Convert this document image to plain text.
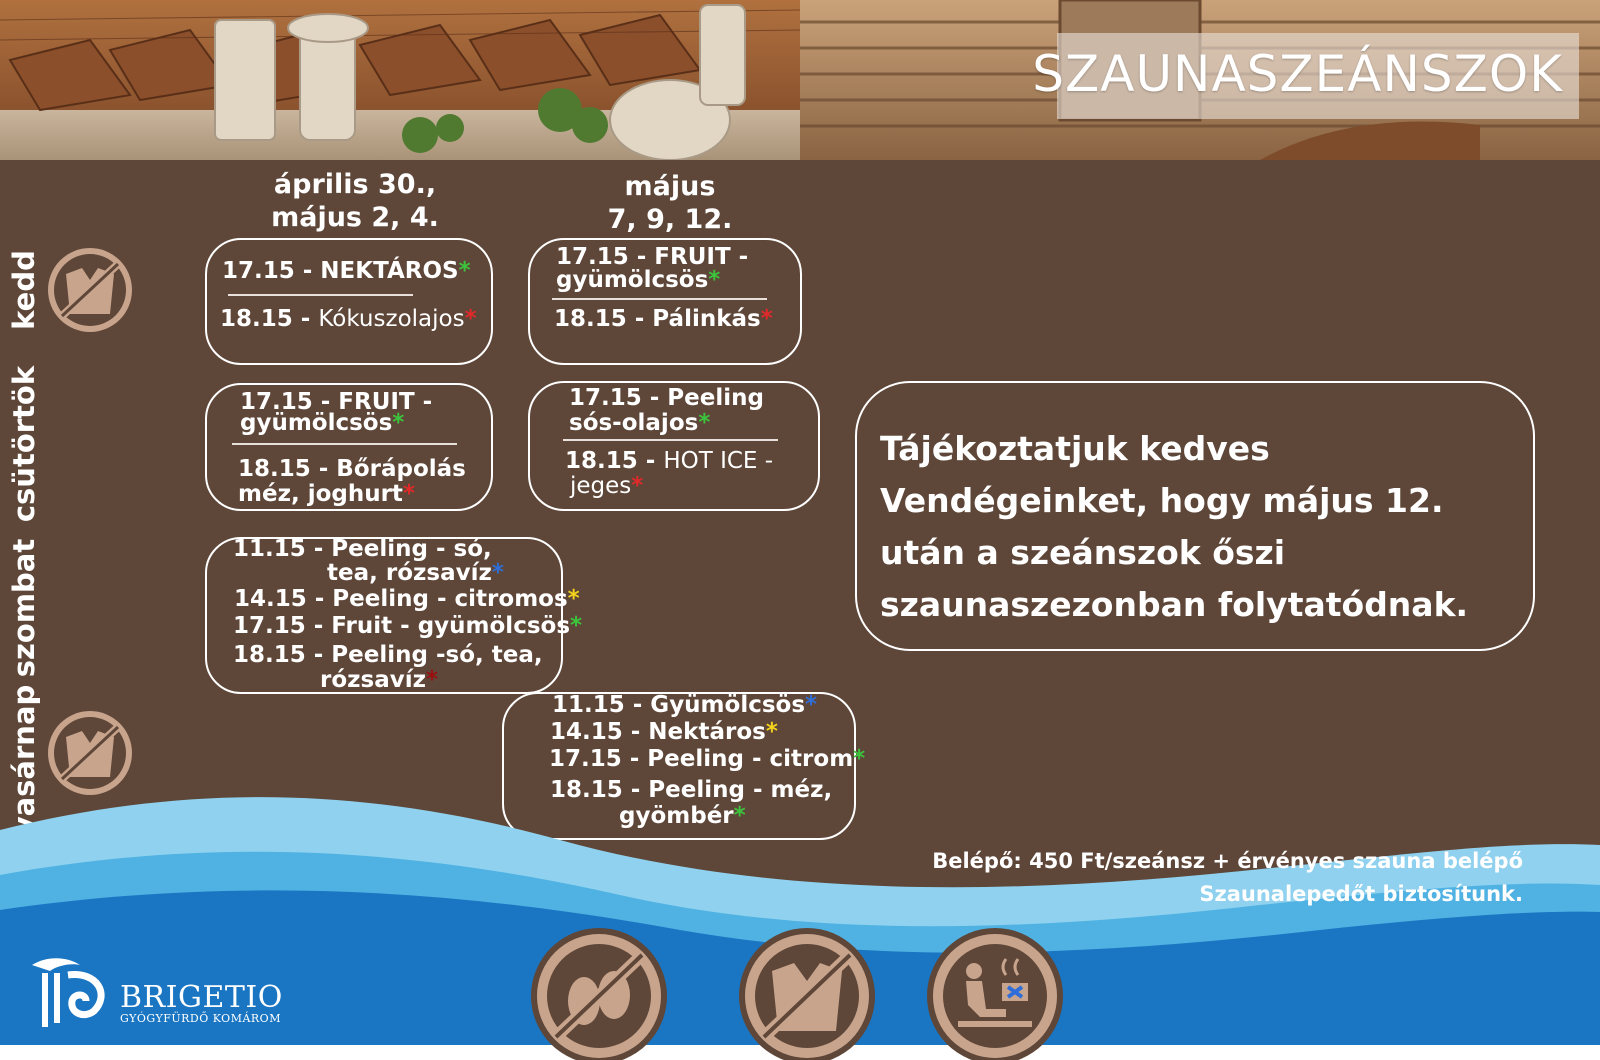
SZAUNASZEÁNSZOK
április 30.,
május 2, 4.
május
7, 9, 12.
kedd
csütörtök
szombat
vasárnap
17.15 - NEKTÁROS*
18.15 - Kókuszolajos*
17.15 - FRUIT -
gyümölcsös*
18.15 - Pálinkás*
17.15 - FRUIT -
gyümölcsös*
18.15 - Bőrápolás
méz, joghurt*
17.15 - Peeling
sós-olajos*
18.15 - HOT ICE -
jeges*
11.15 - Peeling - só,
tea, rózsavíz*
14.15 - Peeling - citromos*
17.15 - Fruit - gyümölcsös*
18.15 - Peeling -só, tea,
rózsavíz*
11.15 - Gyümölcsös*
14.15 - Nektáros*
17.15 - Peeling - citrom*
18.15 - Peeling - méz,
gyömbér*
Tájékoztatjuk kedves Vendégeinket, hogy május 12. után a szeánszok őszi szaunaszezonban folytatódnak.
Belépő: 450 Ft/szeánsz + érvényes szauna belépő
Szaunalepedőt biztosítunk.
BRIGETIO
GYÓGYFÜRDŐ KOMÁROM
